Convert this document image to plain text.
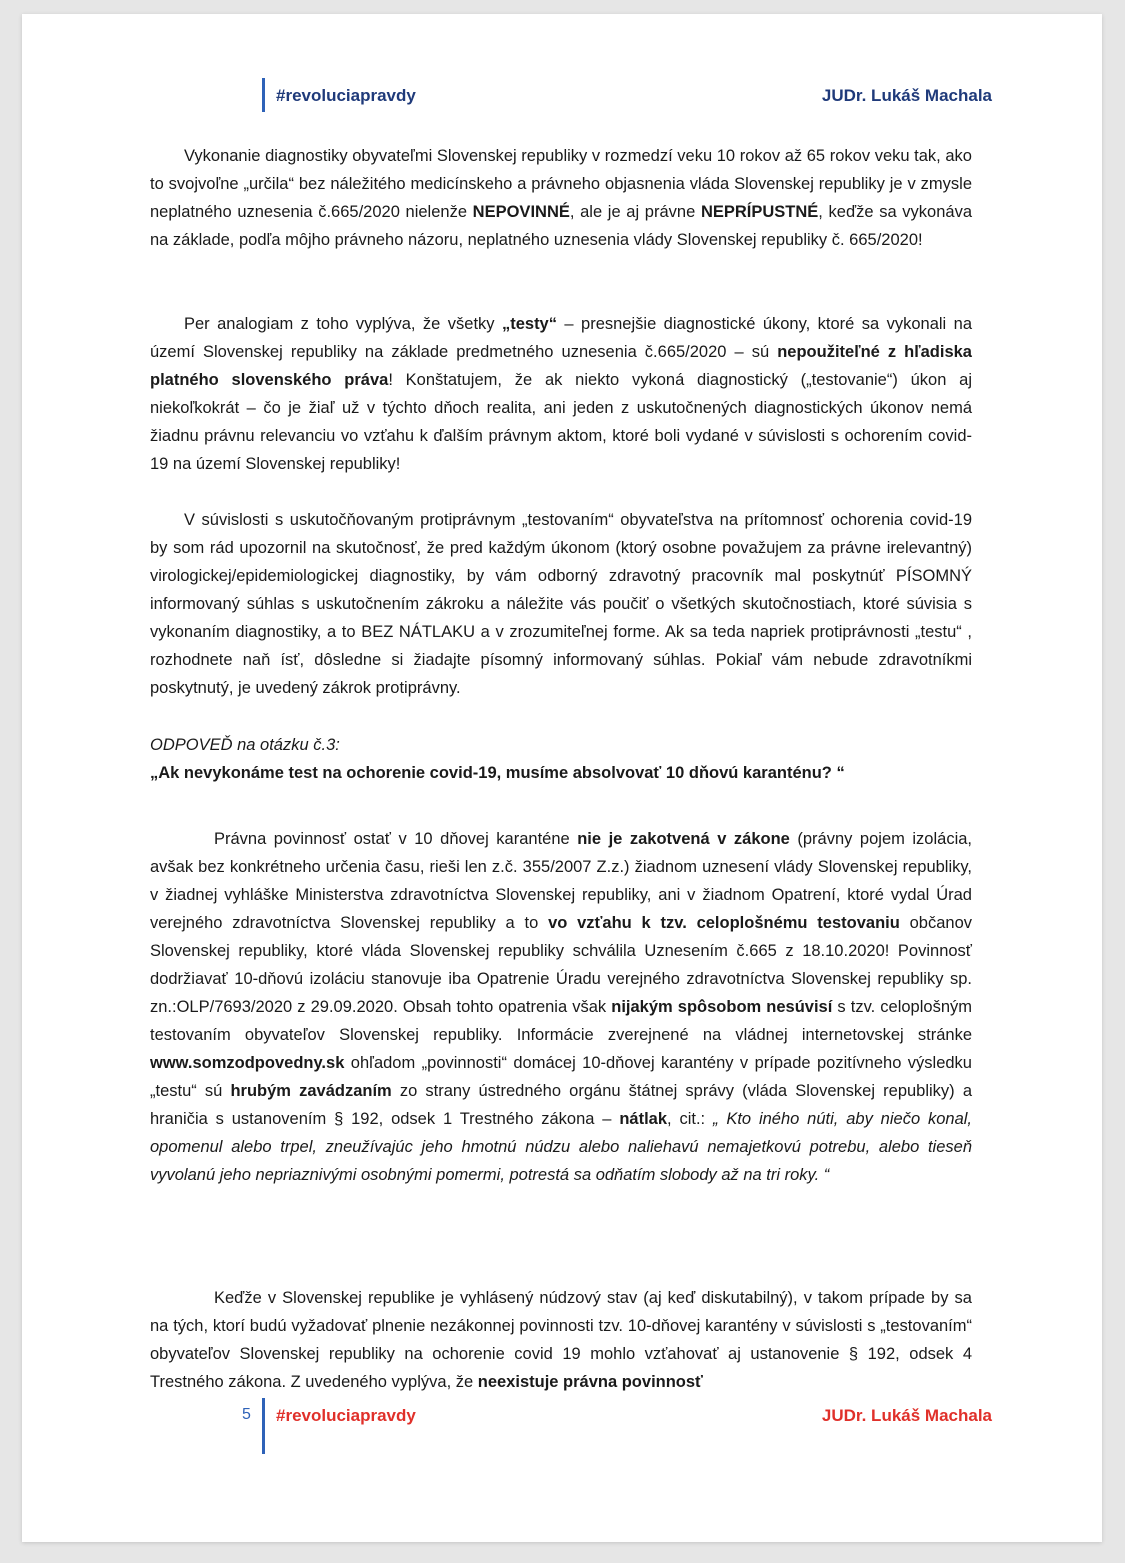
#revoluciapravdy	JUDr. Lukáš Machala

Vykonanie diagnostiky obyvateľmi Slovenskej republiky v rozmedzí veku 10 rokov až 65 rokov veku tak, ako to svojvoľne „určila“ bez náležitého medicínskeho a právneho objasnenia vláda Slovenskej republiky je v zmysle neplatného uznesenia č.665/2020 nielenže NEPOVINNÉ, ale je aj právne NEPRÍPUSTNÉ, keďže sa vykonáva na základe, podľa môjho právneho názoru, neplatného uznesenia vlády Slovenskej republiky č. 665/2020!

Per analogiam z toho vyplýva, že všetky „testy“ – presnejšie diagnostické úkony, ktoré sa vykonali na území Slovenskej republiky na základe predmetného uznesenia č.665/2020 – sú nepoužiteľné z hľadiska platného slovenského práva! Konštatujem, že ak niekto vykoná diagnostický („testovanie“) úkon aj niekoľkokrát – čo je žiaľ už v týchto dňoch realita, ani jeden z uskutočnených diagnostických úkonov nemá žiadnu právnu relevanciu vo vzťahu k ďalším právnym aktom, ktoré boli vydané v súvislosti s ochorením covid-19 na území Slovenskej republiky!

V súvislosti s uskutočňovaným protiprávnym „testovaním“ obyvateľstva na prítomnosť ochorenia covid-19 by som rád upozornil na skutočnosť, že pred každým úkonom (ktorý osobne považujem za právne irelevantný) virologickej/epidemiologickej diagnostiky, by vám odborný zdravotný pracovník mal poskytnúť PÍSOMNÝ informovaný súhlas s uskutočnením zákroku a náležite vás poučiť o všetkých skutočnostiach, ktoré súvisia s vykonaním diagnostiky, a to BEZ NÁTLAKU a v zrozumiteľnej forme. Ak sa teda napriek protiprávnosti „testu“ , rozhodnete naň ísť, dôsledne si žiadajte písomný informovaný súhlas. Pokiaľ vám nebude zdravotníkmi poskytnutý, je uvedený zákrok protiprávny.

ODPOVEĎ na otázku č.3:
„Ak nevykonáme test na ochorenie covid-19, musíme absolvovať 10 dňovú karanténu? “

Právna povinnosť ostať v 10 dňovej karanténe nie je zakotvená v zákone (právny pojem izolácia, avšak bez konkrétneho určenia času, rieši len z.č. 355/2007 Z.z.) žiadnom uznesení vlády Slovenskej republiky, v žiadnej vyhláške Ministerstva zdravotníctva Slovenskej republiky, ani v žiadnom Opatrení, ktoré vydal Úrad verejného zdravotníctva Slovenskej republiky a to vo vzťahu k tzv. celoplošnému testovaniu občanov Slovenskej republiky, ktoré vláda Slovenskej republiky schválila Uznesením č.665 z 18.10.2020! Povinnosť dodržiavať 10-dňovú izoláciu stanovuje iba Opatrenie Úradu verejného zdravotníctva Slovenskej republiky sp. zn.:OLP/7693/2020 z 29.09.2020. Obsah tohto opatrenia však nijakým spôsobom nesúvisí s tzv. celoplošným testovaním obyvateľov Slovenskej republiky. Informácie zverejnené na vládnej internetovskej stránke www.somzodpovedny.sk ohľadom „povinnosti“ domácej 10-dňovej karantény v prípade pozitívneho výsledku „testu“ sú hrubým zavádzaním zo strany ústredného orgánu štátnej správy (vláda Slovenskej republiky) a hraničia s ustanovením § 192, odsek 1 Trestného zákona – nátlak, cit.: „ Kto iného núti, aby niečo konal, opomenul alebo trpel, zneužívajúc jeho hmotnú núdzu alebo naliehavú nemajetkovú potrebu, alebo tieseň vyvolanú jeho nepriaznivými osobnými pomermi, potrestá sa odňatím slobody až na tri roky. “

Keďže v Slovenskej republike je vyhlásený núdzový stav (aj keď diskutabilný), v takom prípade by sa na tých, ktorí budú vyžadovať plnenie nezákonnej povinnosti tzv. 10-dňovej karantény v súvislosti s „testovaním“ obyvateľov Slovenskej republiky na ochorenie covid 19 mohlo vzťahovať aj ustanovenie § 192, odsek 4 Trestného zákona. Z uvedeného vyplýva, že neexistuje právna povinnosť

5 #revoluciapravdy	JUDr. Lukáš Machala
